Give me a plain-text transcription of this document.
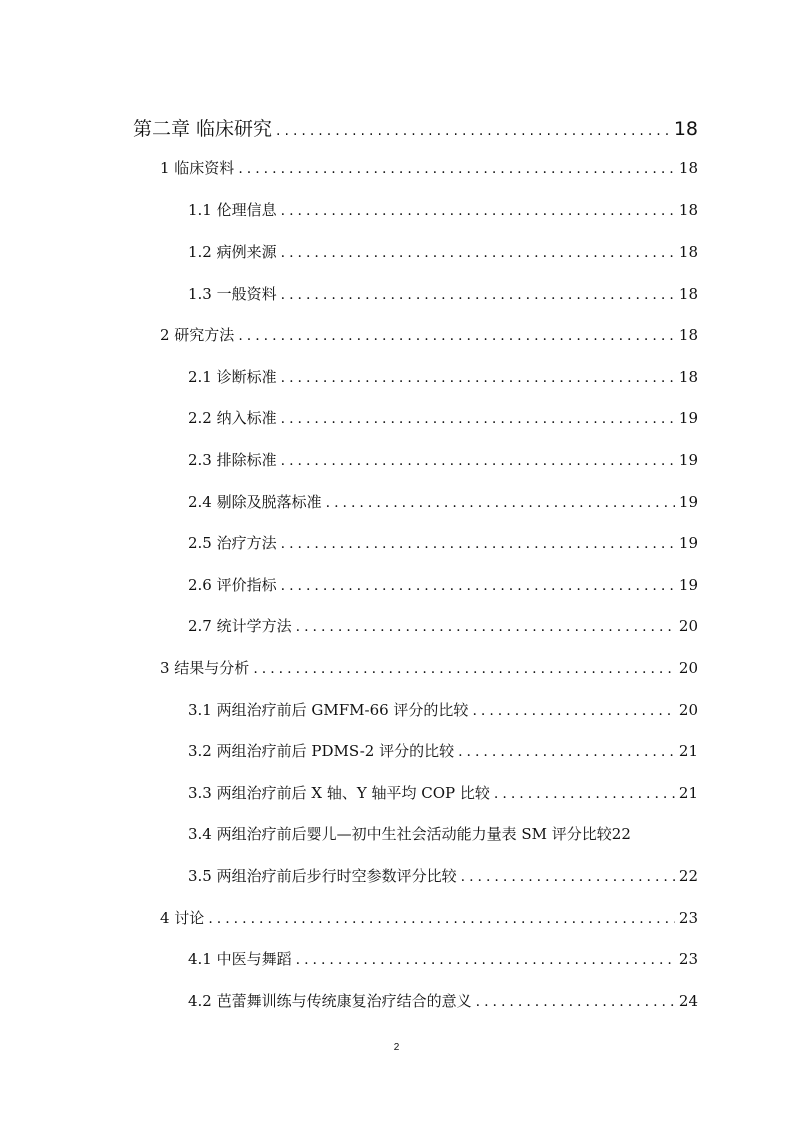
第二章 临床研究 .....	18
1 临床资料 .....	18
1.1 伦理信息 .....	18
1.2 病例来源 .....	18
1.3 一般资料 .....	18
2 研究方法 .....	18
2.1 诊断标准 .....	18
2.2 纳入标准 .....	19
2.3 排除标准 .....	19
2.4 剔除及脱落标准 .....	19
2.5 治疗方法 .....	19
2.6 评价指标 .....	19
2.7 统计学方法 .....	20
3 结果与分析 .....	20
3.1 两组治疗前后 GMFM-66 评分的比较 .....	20
3.2 两组治疗前后 PDMS-2 评分的比较 .....	21
3.3 两组治疗前后 X 轴、Y 轴平均 COP 比较 .....	21
3.4 两组治疗前后婴儿—初中生社会活动能力量表 SM 评分比较 22
3.5 两组治疗前后步行时空参数评分比较 .....	22
4 讨论 .....	23
4.1 中医与舞蹈 .....	23
4.2 芭蕾舞训练与传统康复治疗结合的意义 .....	24
2
